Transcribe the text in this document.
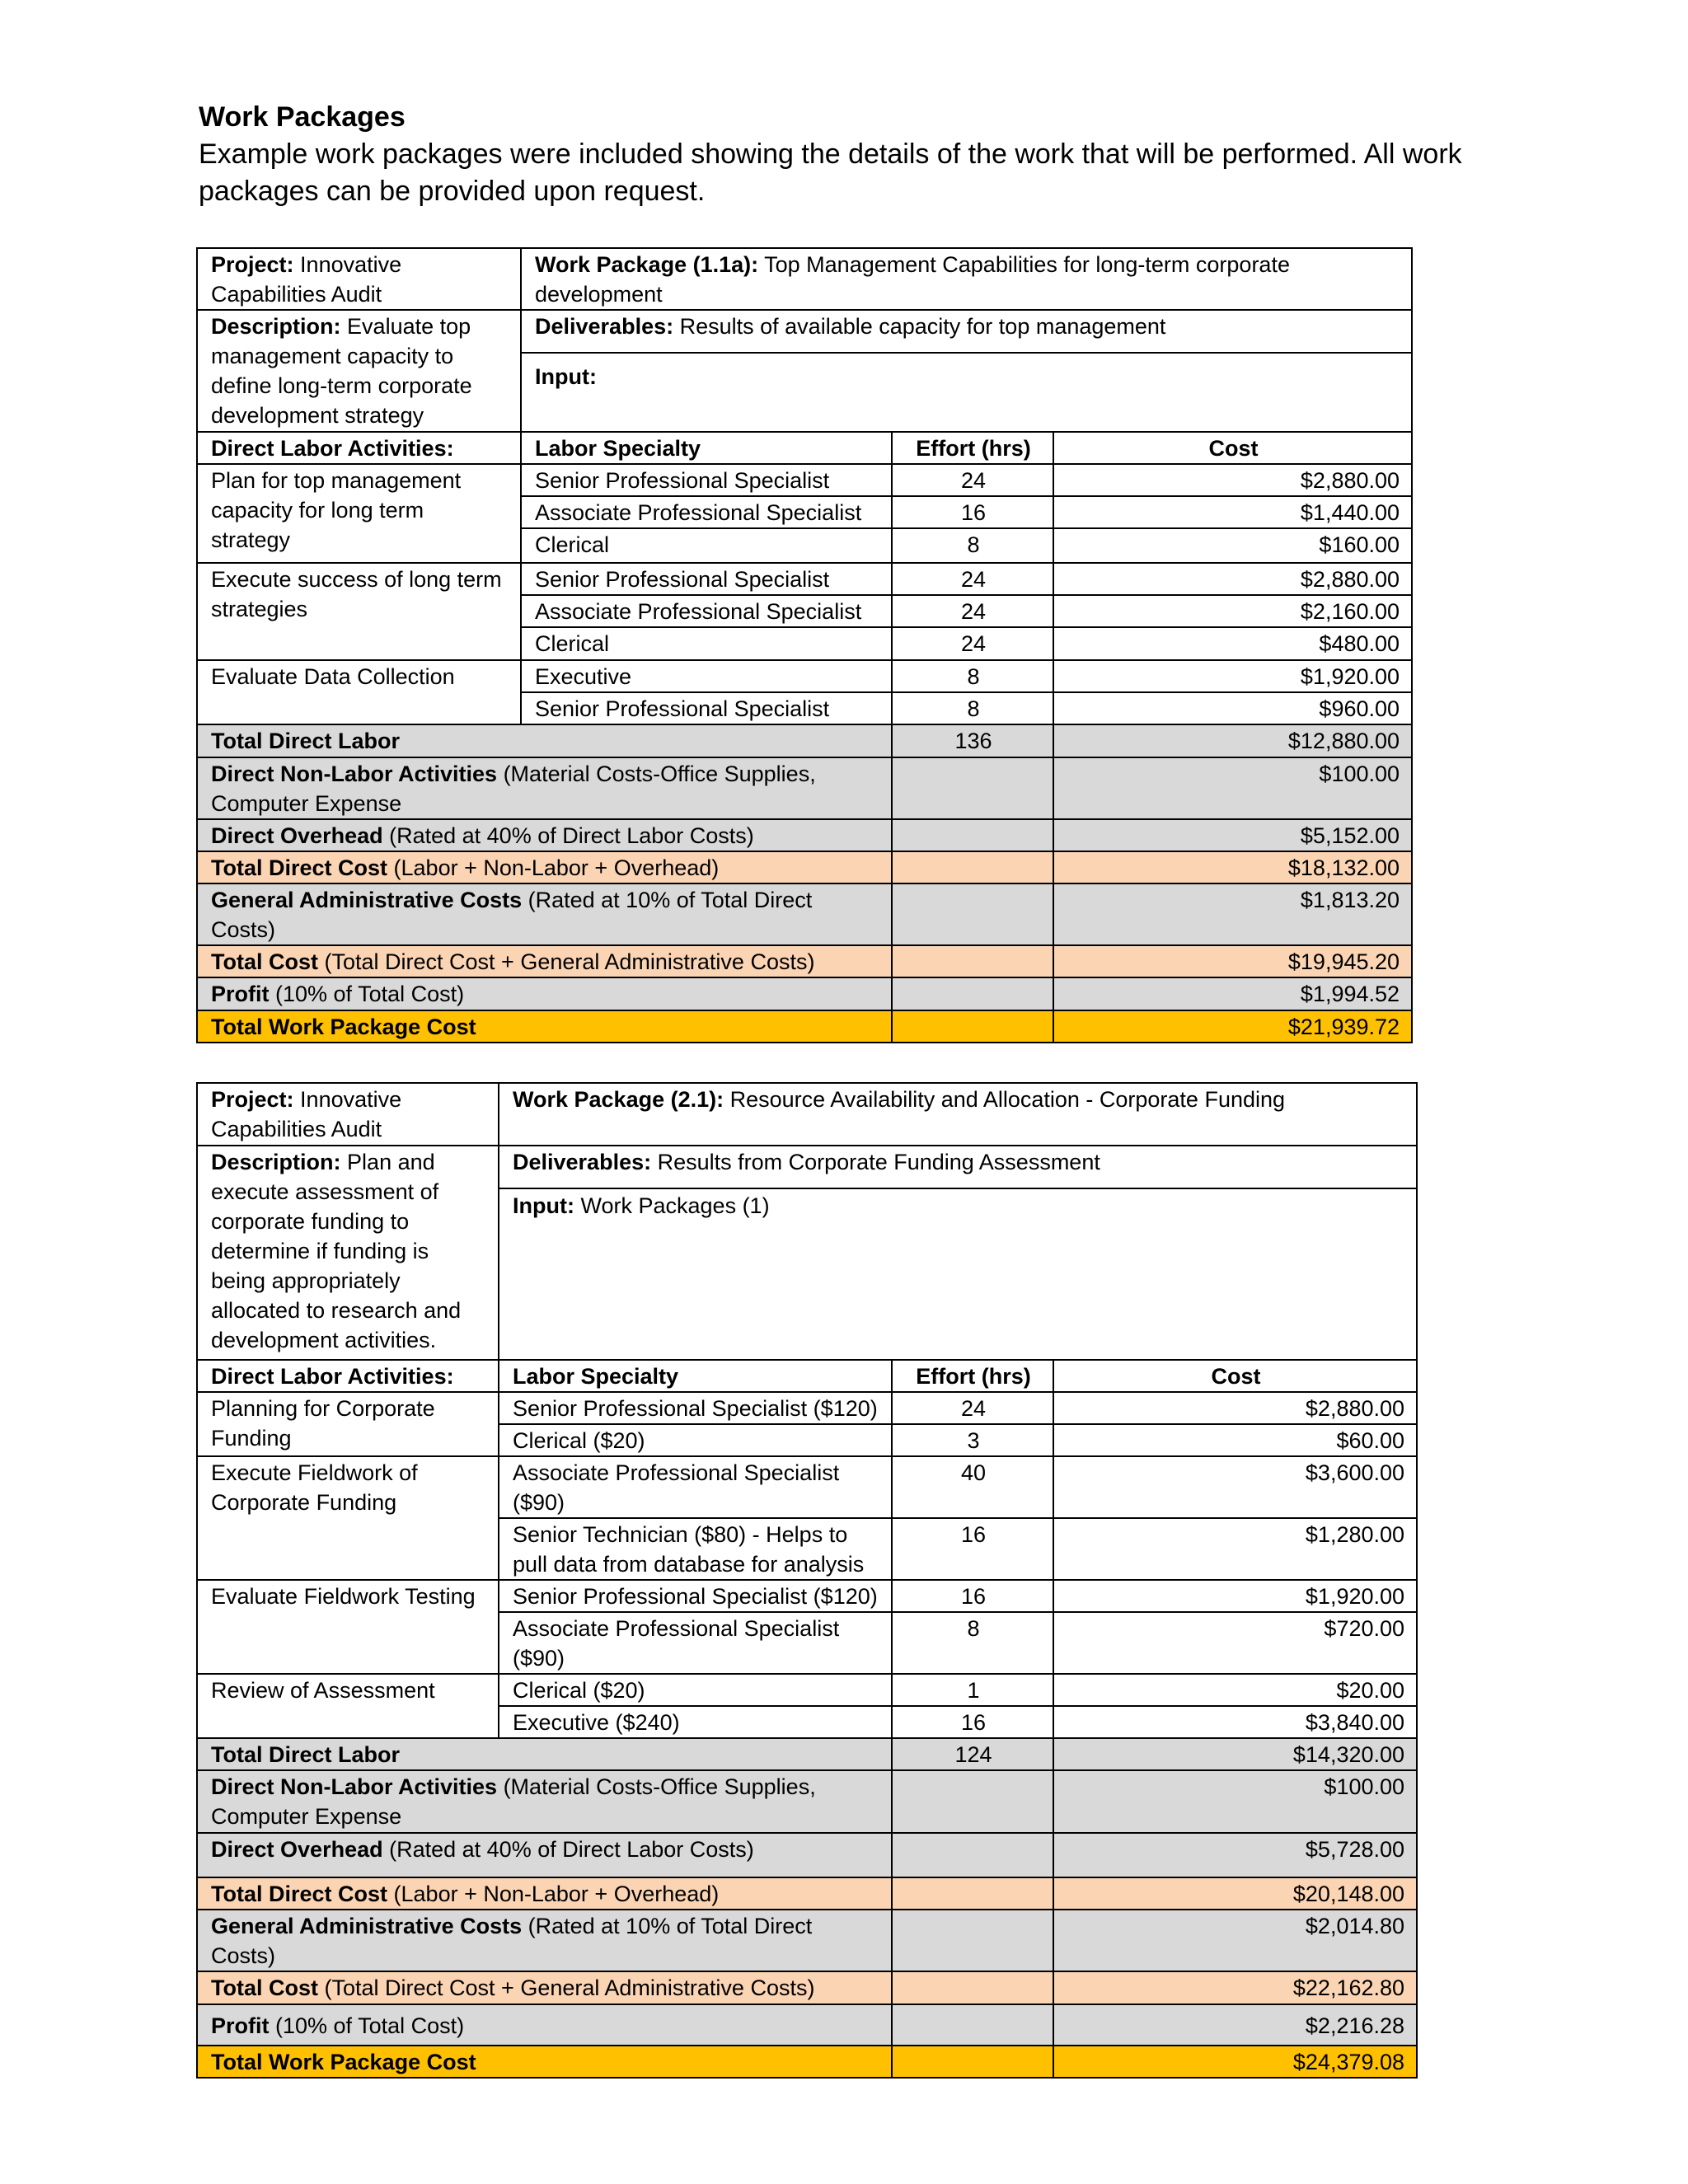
Work Packages
Example work packages were included showing the details of the work that will be performed. All work packages can be provided upon request.
Project: Innovative Capabilities Audit	Work Package (1.1a): Top Management Capabilities for long-term corporate development		
Description: Evaluate top management capacity to define long-term corporate development strategy	Deliverables: Results of available capacity for top management		
	Input:		
Direct Labor Activities:	Labor Specialty	Effort (hrs)	Cost
Plan for top management capacity for long term strategy	Senior Professional Specialist	24	$2,880.00
	Associate Professional Specialist	16	$1,440.00
	Clerical	8	$160.00
Execute success of long term strategies	Senior Professional Specialist	24	$2,880.00
	Associate Professional Specialist	24	$2,160.00
	Clerical	24	$480.00
Evaluate Data Collection	Executive	8	$1,920.00
	Senior Professional Specialist	8	$960.00
Total Direct Labor		136	$12,880.00
Direct Non-Labor Activities (Material Costs-Office Supplies, Computer Expense			$100.00
Direct Overhead (Rated at 40% of Direct Labor Costs)			$5,152.00
Total Direct Cost (Labor + Non-Labor + Overhead)			$18,132.00
General Administrative Costs (Rated at 10% of Total Direct Costs)			$1,813.20
Total Cost (Total Direct Cost + General Administrative Costs)			$19,945.20
Profit (10% of Total Cost)			$1,994.52
Total Work Package Cost			$21,939.72
Project: Innovative Capabilities Audit	Work Package (2.1): Resource Availability and Allocation - Corporate Funding		
Description: Plan and execute assessment of corporate funding to determine if funding is being appropriately allocated to research and development activities.	Deliverables: Results from Corporate Funding Assessment		
	Input: Work Packages (1)		
Direct Labor Activities:	Labor Specialty	Effort (hrs)	Cost
Planning for Corporate Funding	Senior Professional Specialist ($120)	24	$2,880.00
	Clerical ($20)	3	$60.00
Execute Fieldwork of Corporate Funding	Associate Professional Specialist ($90)	40	$3,600.00
	Senior Technician ($80) - Helps to pull data from database for analysis	16	$1,280.00
Evaluate Fieldwork Testing	Senior Professional Specialist ($120)	16	$1,920.00
	Associate Professional Specialist ($90)	8	$720.00
Review of Assessment	Clerical ($20)	1	$20.00
	Executive ($240)	16	$3,840.00
Total Direct Labor		124	$14,320.00
Direct Non-Labor Activities (Material Costs-Office Supplies, Computer Expense			$100.00
Direct Overhead (Rated at 40% of Direct Labor Costs)			$5,728.00
Total Direct Cost (Labor + Non-Labor + Overhead)			$20,148.00
General Administrative Costs (Rated at 10% of Total Direct Costs)			$2,014.80
Total Cost (Total Direct Cost + General Administrative Costs)			$22,162.80
Profit (10% of Total Cost)			$2,216.28
Total Work Package Cost			$24,379.08
